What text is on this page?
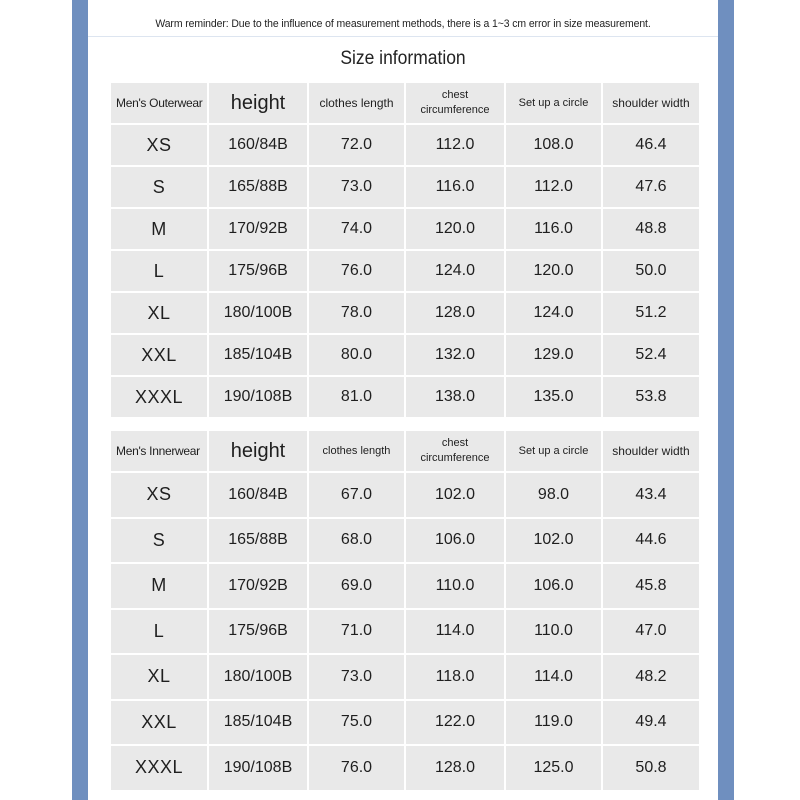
Warm reminder: Due to the influence of measurement methods, there is a 1~3 cm error in size measurement.
Size information
Men's Outerwear	height	clothes length	chest circumference	Set up a circle	shoulder width
XS	160/84B	72.0	112.0	108.0	46.4
S	165/88B	73.0	116.0	112.0	47.6
M	170/92B	74.0	120.0	116.0	48.8
L	175/96B	76.0	124.0	120.0	50.0
XL	180/100B	78.0	128.0	124.0	51.2
XXL	185/104B	80.0	132.0	129.0	52.4
XXXL	190/108B	81.0	138.0	135.0	53.8
Men's Innerwear	height	clothes length	chest circumference	Set up a circle	shoulder width
XS	160/84B	67.0	102.0	98.0	43.4
S	165/88B	68.0	106.0	102.0	44.6
M	170/92B	69.0	110.0	106.0	45.8
L	175/96B	71.0	114.0	110.0	47.0
XL	180/100B	73.0	118.0	114.0	48.2
XXL	185/104B	75.0	122.0	119.0	49.4
XXXL	190/108B	76.0	128.0	125.0	50.8
